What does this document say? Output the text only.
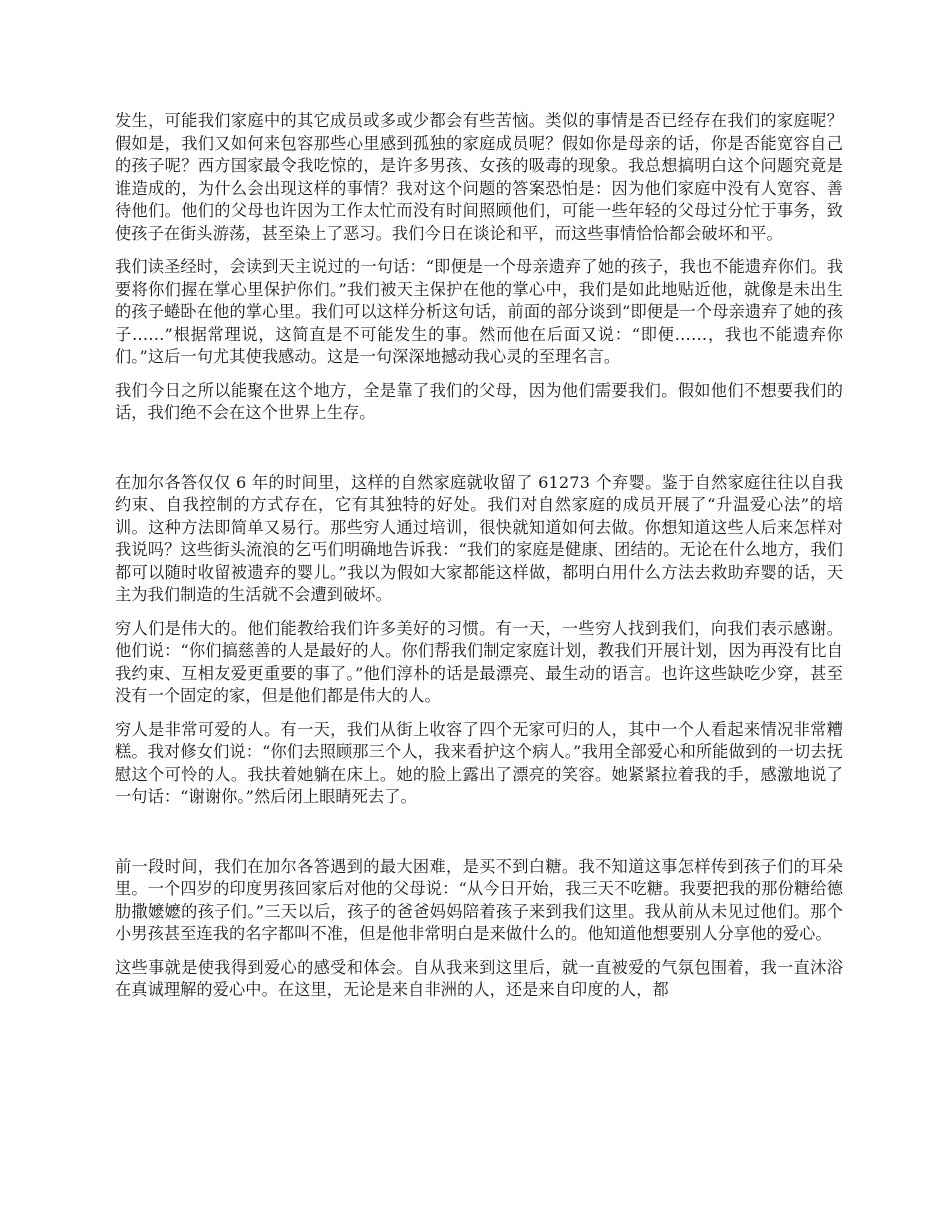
发生，可能我们家庭中的其它成员或多或少都会有些苦恼。类似的事情是否已经存在我们的家庭呢？假如是，我们又如何来包容那些心里感到孤独的家庭成员呢？假如你是母亲的话，你是否能宽容自己的孩子呢？西方国家最令我吃惊的，是许多男孩、女孩的吸毒的现象。我总想搞明白这个问题究竟是谁造成的，为什么会出现这样的事情？我对这个问题的答案恐怕是：因为他们家庭中没有人宽容、善待他们。他们的父母也许因为工作太忙而没有时间照顾他们，可能一些年轻的父母过分忙于事务，致使孩子在街头游荡，甚至染上了恶习。我们今日在谈论和平，而这些事情恰恰都会破坏和平。

我们读圣经时，会读到天主说过的一句话：“即便是一个母亲遗弃了她的孩子，我也不能遗弃你们。我要将你们握在掌心里保护你们。”我们被天主保护在他的掌心中，我们是如此地贴近他，就像是未出生的孩子蜷卧在他的掌心里。我们可以这样分析这句话，前面的部分谈到“即便是一个母亲遗弃了她的孩子……”根据常理说，这简直是不可能发生的事。然而他在后面又说：“即便……，我也不能遗弃你们。”这后一句尤其使我感动。这是一句深深地撼动我心灵的至理名言。

我们今日之所以能聚在这个地方，全是靠了我们的父母，因为他们需要我们。假如他们不想要我们的话，我们绝不会在这个世界上生存。

在加尔各答仅仅 6 年的时间里，这样的自然家庭就收留了 61273 个弃婴。鉴于自然家庭往往以自我约束、自我控制的方式存在，它有其独特的好处。我们对自然家庭的成员开展了“升温爱心法”的培训。这种方法即简单又易行。那些穷人通过培训，很快就知道如何去做。你想知道这些人后来怎样对我说吗？这些街头流浪的乞丐们明确地告诉我：“我们的家庭是健康、团结的。无论在什么地方，我们都可以随时收留被遗弃的婴儿。”我以为假如大家都能这样做，都明白用什么方法去救助弃婴的话，天主为我们制造的生活就不会遭到破坏。

穷人们是伟大的。他们能教给我们许多美好的习惯。有一天，一些穷人找到我们，向我们表示感谢。他们说：“你们搞慈善的人是最好的人。你们帮我们制定家庭计划，教我们开展计划，因为再没有比自我约束、互相友爱更重要的事了。”他们淳朴的话是最漂亮、最生动的语言。也许这些缺吃少穿，甚至没有一个固定的家，但是他们都是伟大的人。

穷人是非常可爱的人。有一天，我们从街上收容了四个无家可归的人，其中一个人看起来情况非常糟糕。我对修女们说：“你们去照顾那三个人，我来看护这个病人。”我用全部爱心和所能做到的一切去抚慰这个可怜的人。我扶着她躺在床上。她的脸上露出了漂亮的笑容。她紧紧拉着我的手，感激地说了一句话：“谢谢你。”然后闭上眼睛死去了。

前一段时间，我们在加尔各答遇到的最大困难，是买不到白糖。我不知道这事怎样传到孩子们的耳朵里。一个四岁的印度男孩回家后对他的父母说：“从今日开始，我三天不吃糖。我要把我的那份糖给德肋撒嬷嬷的孩子们。”三天以后，孩子的爸爸妈妈陪着孩子来到我们这里。我从前从未见过他们。那个小男孩甚至连我的名字都叫不准，但是他非常明白是来做什么的。他知道他想要别人分享他的爱心。

这些事就是使我得到爱心的感受和体会。自从我来到这里后，就一直被爱的气氛包围着，我一直沐浴在真诚理解的爱心中。在这里，无论是来自非洲的人，还是来自印度的人，都
